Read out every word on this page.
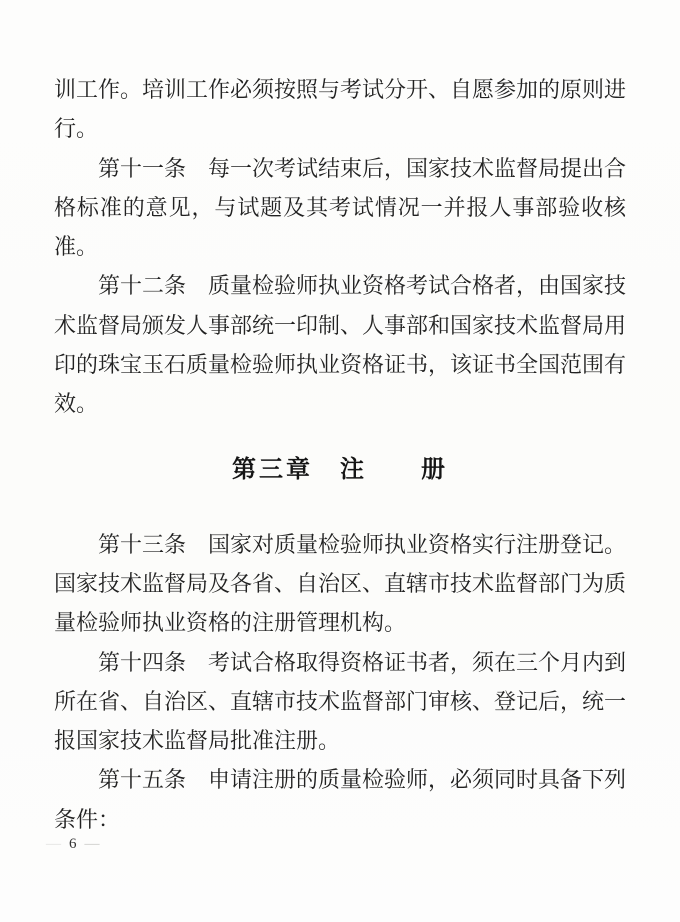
训工作。培训工作必须按照与考试分开、自愿参加的原则进行。

第十一条　每一次考试结束后，国家技术监督局提出合格标准的意见，与试题及其考试情况一并报人事部验收核准。

第十二条　质量检验师执业资格考试合格者，由国家技术监督局颁发人事部统一印制、人事部和国家技术监督局用印的珠宝玉石质量检验师执业资格证书，该证书全国范围有效。

第三章　注　　册

第十三条　国家对质量检验师执业资格实行注册登记。国家技术监督局及各省、自治区、直辖市技术监督部门为质量检验师执业资格的注册管理机构。

第十四条　考试合格取得资格证书者，须在三个月内到所在省、自治区、直辖市技术监督部门审核、登记后，统一报国家技术监督局批准注册。

第十五条　申请注册的质量检验师，必须同时具备下列条件：

— 6 —
